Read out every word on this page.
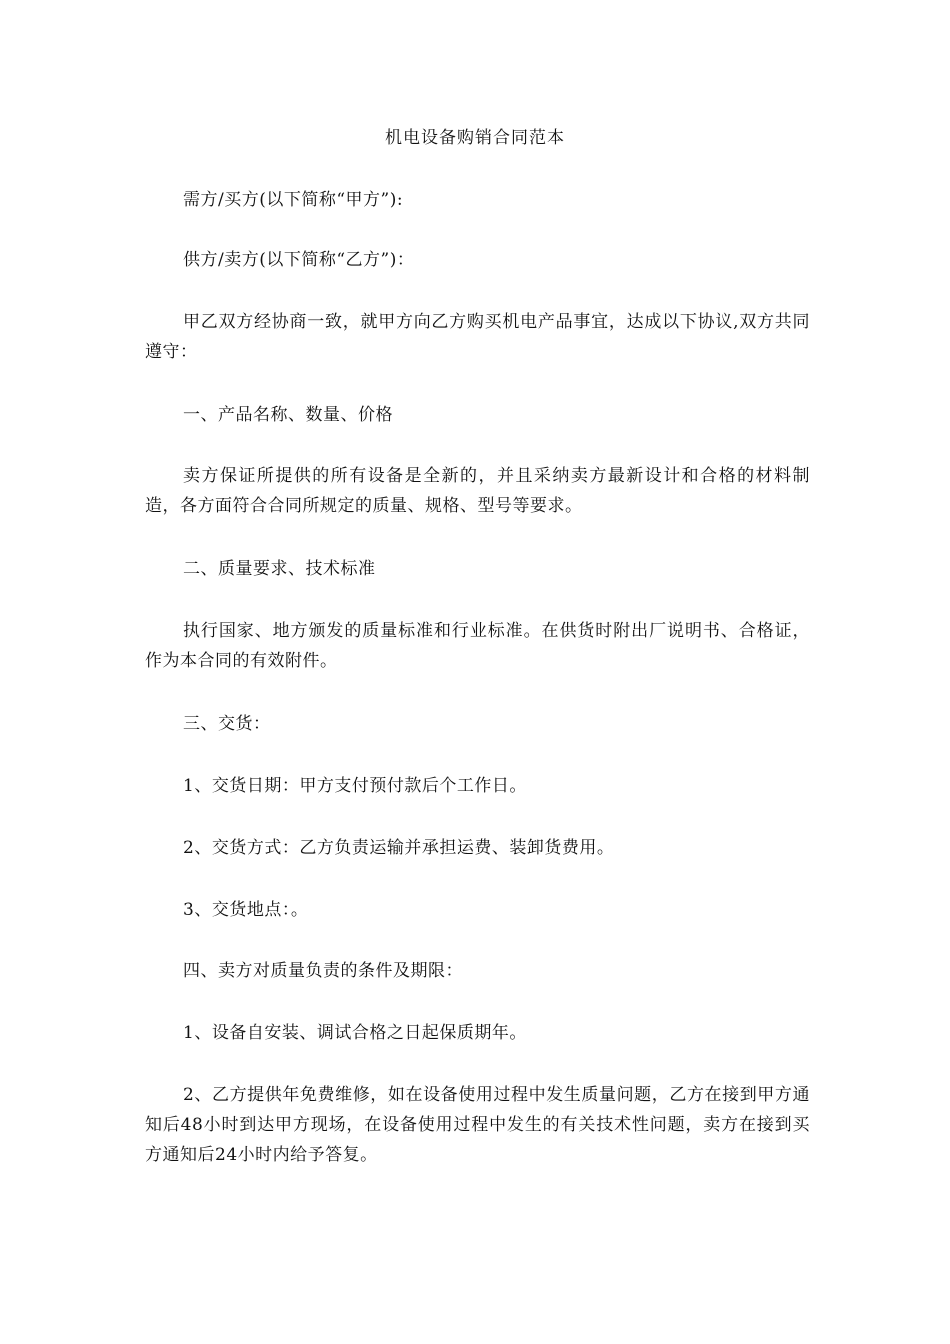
机电设备购销合同范本

需方/买方(以下简称“甲方”):

供方/卖方(以下简称“乙方”)：

甲乙双方经协商一致，就甲方向乙方购买机电产品事宜，达成以下协议,双方共同遵守：

一、产品名称、数量、价格

卖方保证所提供的所有设备是全新的，并且采纳卖方最新设计和合格的材料制造，各方面符合合同所规定的质量、规格、型号等要求。

二、质量要求、技术标准

执行国家、地方颁发的质量标准和行业标准。在供货时附出厂说明书、合格证，作为本合同的有效附件。

三、交货：

1、交货日期：甲方支付预付款后个工作日。

2、交货方式：乙方负责运输并承担运费、装卸货费用。

3、交货地点：。

四、卖方对质量负责的条件及期限：

1、设备自安装、调试合格之日起保质期年。

2、乙方提供年免费维修，如在设备使用过程中发生质量问题，乙方在接到甲方通知后48小时到达甲方现场，在设备使用过程中发生的有关技术性问题，卖方在接到买方通知后24小时内给予答复。
